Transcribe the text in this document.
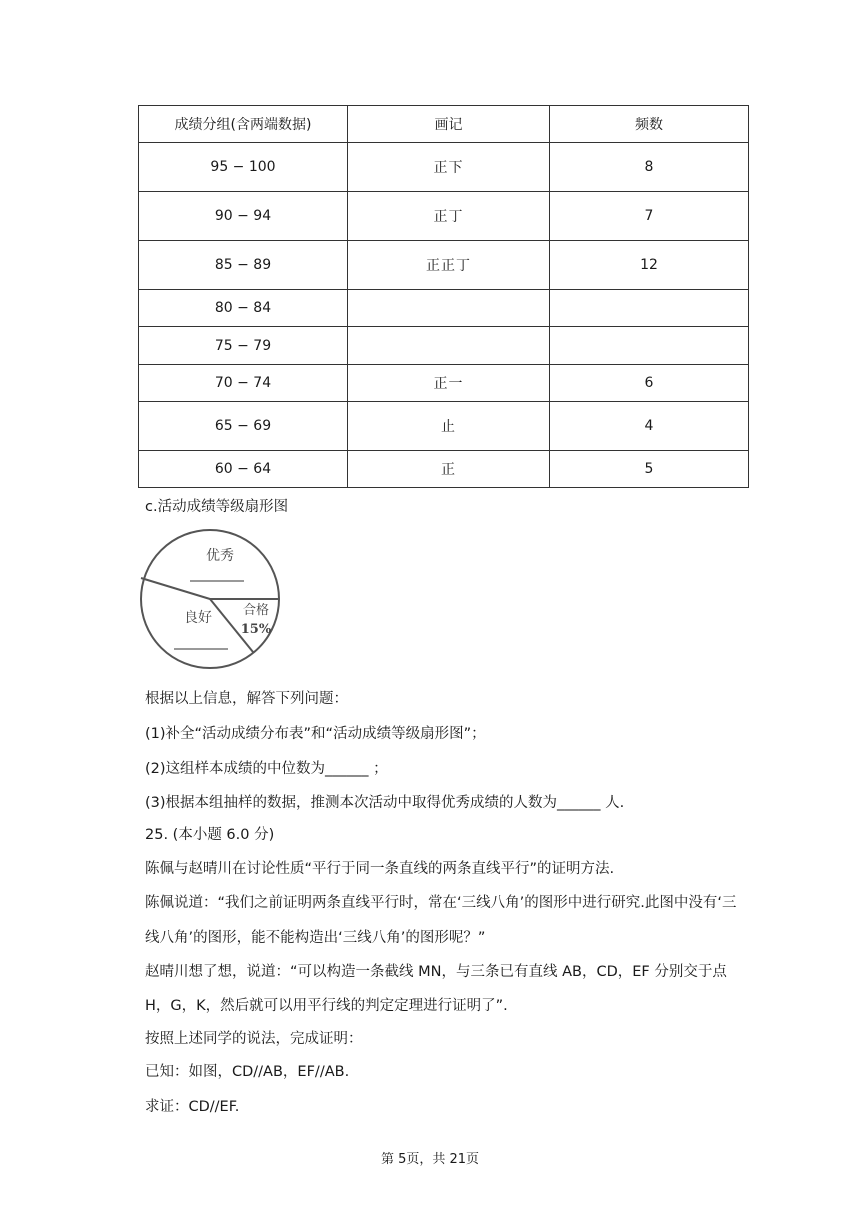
成绩分组(含两端数据)	画记	频数
95 − 100	正下	8
90 − 94	正丁	7
85 − 89	正正丁	12
80 − 84		
75 − 79		
70 − 74	正一	6
65 − 69	止	4
60 − 64	正	5
c.活动成绩等级扇形图
优秀
良好 合格
15%
根据以上信息，解答下列问题：
(1)补全“活动成绩分布表”和“活动成绩等级扇形图”；
(2)这组样本成绩的中位数为______ ；
(3)根据本组抽样的数据，推测本次活动中取得优秀成绩的人数为______ 人.
25. (本小题 6.0 分)
陈佩与赵晴川在讨论性质“平行于同一条直线的两条直线平行”的证明方法.
陈佩说道：“我们之前证明两条直线平行时，常在‘三线八角’的图形中进行研究.此图中没有‘三
线八角’的图形，能不能构造出‘三线八角’的图形呢？”
赵晴川想了想，说道：“可以构造一条截线 MN，与三条已有直线 AB，CD，EF 分别交于点
H，G，K，然后就可以用平行线的判定定理进行证明了”.
按照上述同学的说法，完成证明：
已知：如图，CD//AB，EF//AB.
求证：CD//EF.
第 5页，共 21页
